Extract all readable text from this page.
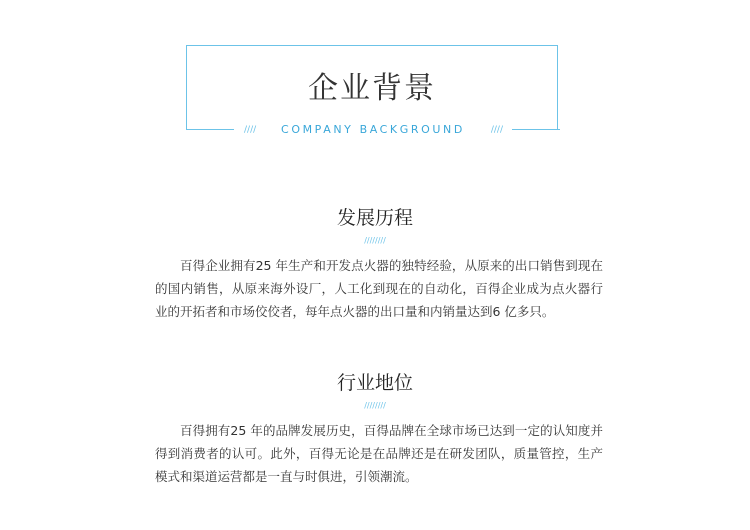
企业背景
////	COMPANY BACKGROUND	////
发展历程
////////
百得企业拥有25 年生产和开发点火器的独特经验，从原来的出口销售到现在的国内销售，从原来海外设厂，人工化到现在的自动化，百得企业成为点火器行业的开拓者和市场佼佼者，每年点火器的出口量和内销量达到6 亿多只。
行业地位
////////
百得拥有25 年的品牌发展历史，百得品牌在全球市场已达到一定的认知度并得到消费者的认可。此外，百得无论是在品牌还是在研发团队，质量管控，生产模式和渠道运营都是一直与时俱进，引领潮流。
